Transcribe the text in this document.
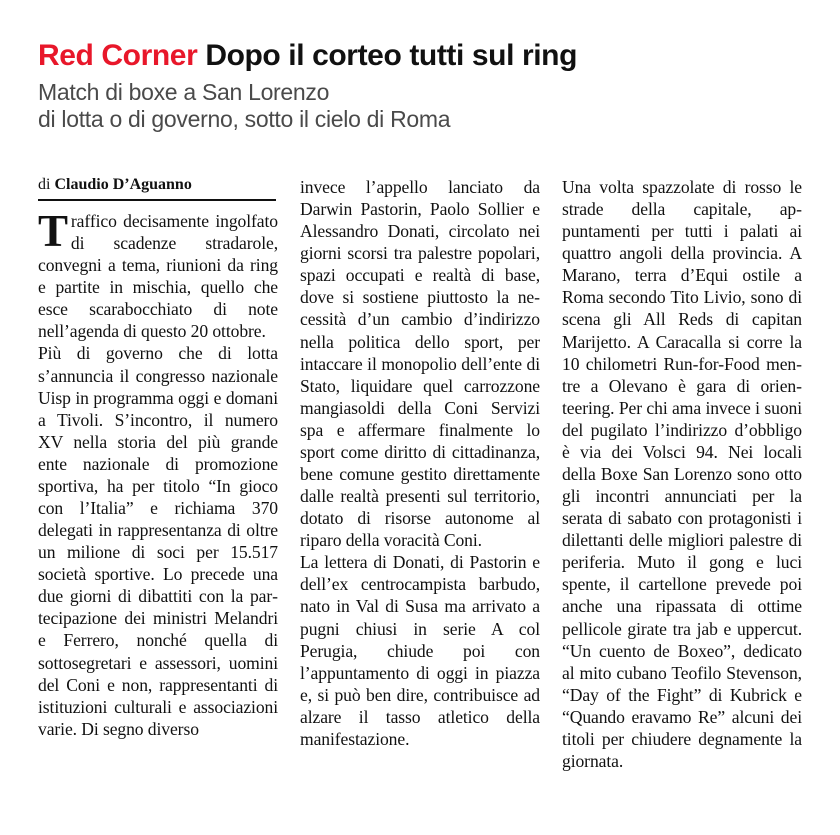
Red Corner Dopo il corteo tutti sul ring
Match di boxe a San Lorenzo
di lotta o di governo, sotto il cielo di Roma
di Claudio D’Aguanno

Traffico decisamente ingolfato di scadenze stradarole, convegni a tema, riunioni da ring e partite in mischia, quello che esce scarabocchiato di note nell’agenda di questo 20 ottobre.

Più di governo che di lotta s’annuncia il congresso nazionale Uisp in programma oggi e domani a Tivoli. S’incontro, il numero XV nella storia del più grande ente nazionale di promozione sportiva, ha per titolo “In gioco con l’Italia” e richiama 370 delegati in rappresentanza di oltre un milione di soci per 15.517 società sportive. Lo precede una due giorni di dibattiti con la partecipazione dei ministri Melandri e Ferrero, nonché quella di sottosegretari e assessori, uomini del Coni e non, rappresentanti di istituzioni culturali e associazioni varie. Di segno diverso

invece l’appello lanciato da Darwin Pastorin, Paolo Sollier e Alessandro Donati, circolato nei giorni scorsi tra palestre popolari, spazi occupati e realtà di base, dove si sostiene piuttosto la necessità d’un cambio d’indirizzo nella politica dello sport, per intaccare il monopolio dell’ente di Stato, liquidare quel carrozzone mangiasoldi della Coni Servizi spa e affermare finalmente lo sport come diritto di cittadinanza, bene comune gestito direttamente dalle realtà presenti sul territorio, dotato di risorse autonome al riparo della voracità Coni.

La lettera di Donati, di Pastorin e dell’ex centrocampista barbudo, nato in Val di Susa ma arrivato a pugni chiusi in serie A col Perugia, chiude poi con l’appuntamento di oggi in piazza e, si può ben dire, contribuisce ad alzare il tasso atletico della manifestazione.

Una volta spazzolate di rosso le strade della capitale, appuntamenti per tutti i palati ai quattro angoli della provincia. A Marano, terra d’Equi ostile a Roma secondo Tito Livio, sono di scena gli All Reds di capitan Marijetto. A Caracalla si corre la 10 chilometri Run-for-Food mentre a Olevano è gara di orienteering. Per chi ama invece i suoni del pugilato l’indirizzo d’obbligo è via dei Volsci 94. Nei locali della Boxe San Lorenzo sono otto gli incontri annunciati per la serata di sabato con protagonisti i dilettanti delle migliori palestre di periferia. Muto il gong e luci spente, il cartellone prevede poi anche una ripassata di ottime pellicole girate tra jab e uppercut. “Un cuento de Boxeo”, dedicato al mito cubano Teofilo Stevenson, “Day of the Fight” di Kubrick e “Quando eravamo Re” alcuni dei titoli per chiudere degnamente la giornata.
